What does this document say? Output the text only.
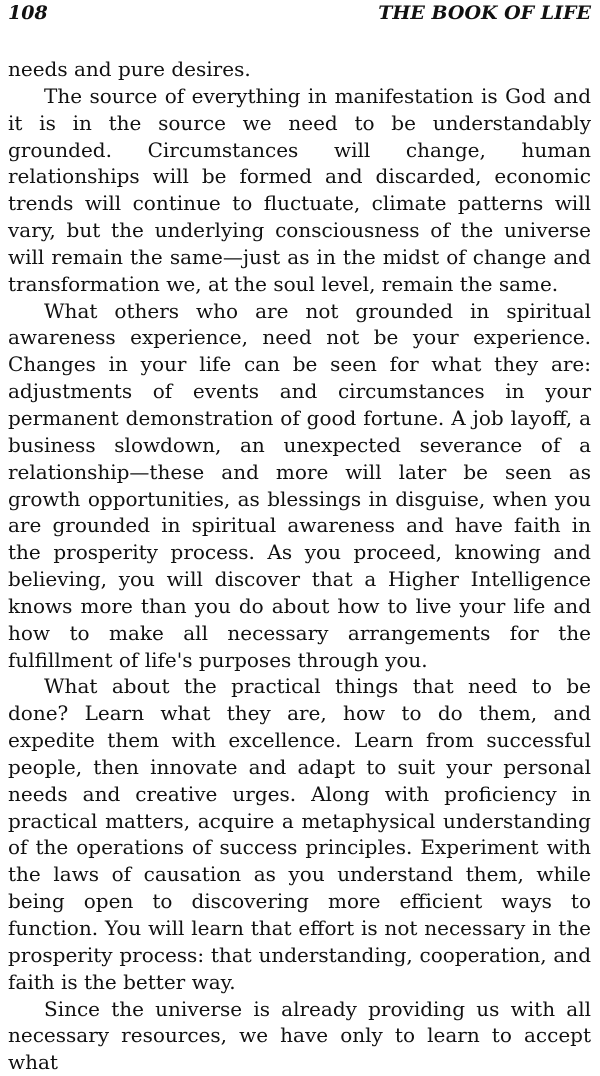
108	THE BOOK OF LIFE

needs and pure desires.

The source of everything in manifestation is God and it is in the source we need to be understandably grounded. Circumstances will change, human relationships will be formed and discarded, economic trends will continue to fluctuate, climate patterns will vary, but the underlying consciousness of the universe will remain the same—just as in the midst of change and transformation we, at the soul level, remain the same.

What others who are not grounded in spiritual awareness experience, need not be your experience. Changes in your life can be seen for what they are: adjustments of events and circumstances in your permanent demonstration of good fortune. A job layoff, a business slowdown, an unexpected severance of a relationship—these and more will later be seen as growth opportunities, as blessings in disguise, when you are grounded in spiritual awareness and have faith in the prosperity process. As you proceed, knowing and believing, you will discover that a Higher Intelligence knows more than you do about how to live your life and how to make all necessary arrangements for the fulfillment of life's purposes through you.

What about the practical things that need to be done? Learn what they are, how to do them, and expedite them with excellence. Learn from successful people, then innovate and adapt to suit your personal needs and creative urges. Along with proficiency in practical matters, acquire a metaphysical understanding of the operations of success principles. Experiment with the laws of causation as you understand them, while being open to discovering more efficient ways to function. You will learn that effort is not necessary in the prosperity process: that understanding, cooperation, and faith is the better way.

Since the universe is already providing us with all necessary resources, we have only to learn to accept what
